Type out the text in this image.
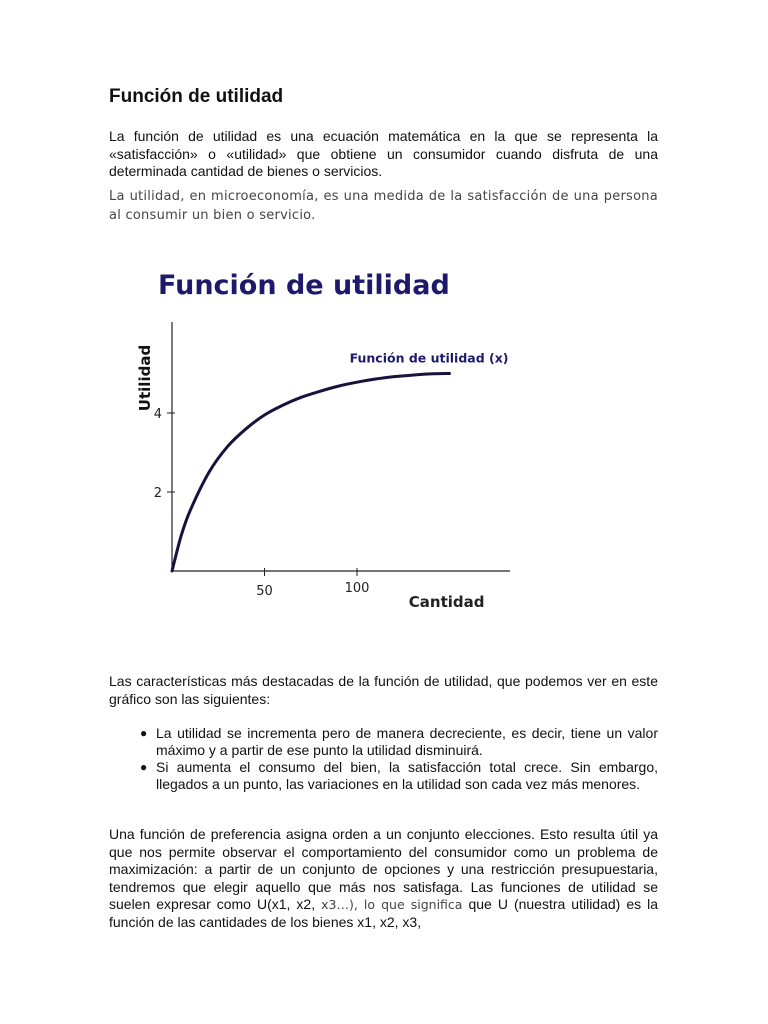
Función de utilidad

La función de utilidad es una ecuación matemática en la que se representa la «satisfacción» o «utilidad» que obtiene un consumidor cuando disfruta de una determinada cantidad de bienes o servicios.

La utilidad, en microeconomía, es una medida de la satisfacción de una persona al consumir un bien o servicio.

Función de utilidad
Utilidad
Cantidad
2
4
50	100
Función de utilidad (x)

Las características más destacadas de la función de utilidad, que podemos ver en este gráfico son las siguientes:

● La utilidad se incrementa pero de manera decreciente, es decir, tiene un valor máximo y a partir de ese punto la utilidad disminuirá.
● Si aumenta el consumo del bien, la satisfacción total crece. Sin embargo, llegados a un punto, las variaciones en la utilidad son cada vez más menores.

Una función de preferencia asigna orden a un conjunto elecciones. Esto resulta útil ya que nos permite observar el comportamiento del consumidor como un problema de maximización: a partir de un conjunto de opciones y una restricción presupuestaria, tendremos que elegir aquello que más nos satisfaga. Las funciones de utilidad se suelen expresar como U(x1, x2, x3…), lo que significa que U (nuestra utilidad) es la función de las cantidades de los bienes x1, x2, x3,
